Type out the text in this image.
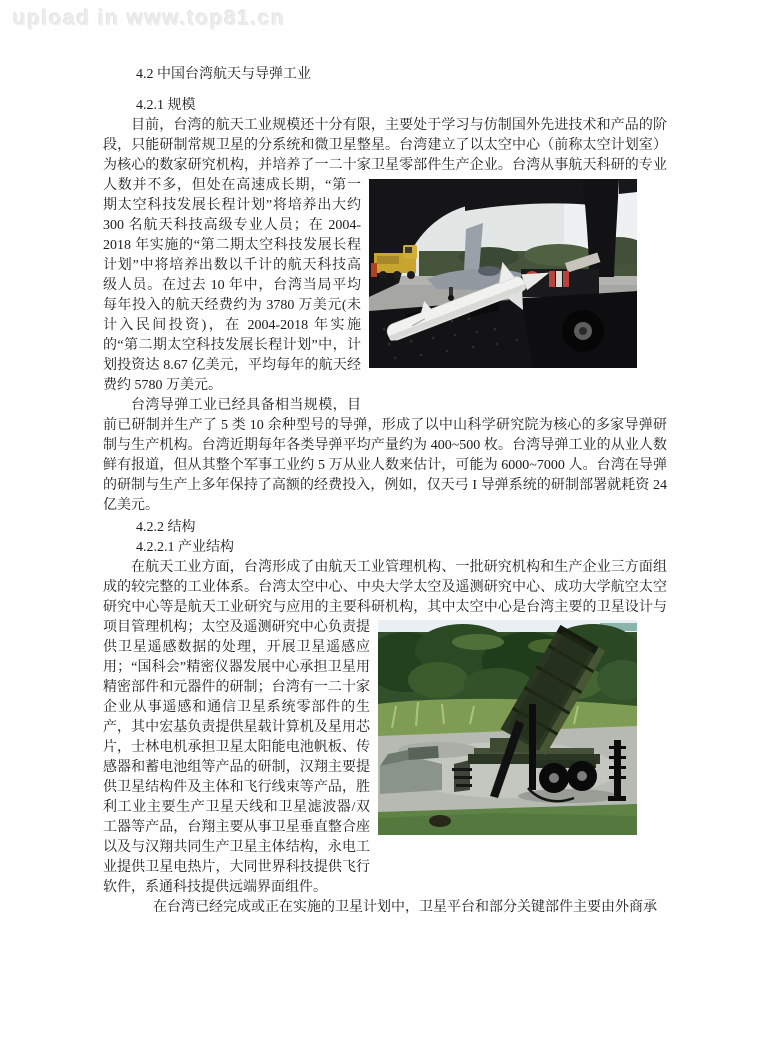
upload in www.top81.cn
4.2 中国台湾航天与导弹工业
4.2.1 规模

目前，台湾的航天工业规模还十分有限，主要处于学习与仿制国外先进技术和产品的阶段，只能研制常规卫星的分系统和微卫星整星。台湾建立了以太空中心（前称太空计划室）为核心的数家研究机构，并培养了一二十家卫星零部件生产企业。台湾从事航天科研的专业
人数并不多，但处在高速成长期，“第一期太空科技发展长程计划”将培养出大约 300 名航天科技高级专业人员；在 2004-2018 年实施的“第二期太空科技发展长程计划”中将培养出数以千计的航天科技高级人员。在过去 10 年中，台湾当局平均每年投入的航天经费约为 3780 万美元(未计入民间投资)，在 2004-2018 年实施的“第二期太空科技发展长程计划”中，计划投资达 8.67 亿美元，平均每年的航天经费约 5780 万美元。

台湾导弹工业已经具备相当规模，目前已研制并生产了 5 类 10 余种型号的导弹，形成了以中山科学研究院为核心的多家导弹研制与生产机构。台湾近期每年各类导弹平均产量约为 400~500 枚。台湾导弹工业的从业人数鲜有报道，但从其整个军事工业约 5 万从业人数来估计，可能为 6000~7000 人。台湾在导弹的研制与生产上多年保持了高额的经费投入，例如，仅天弓 I 导弹系统的研制部署就耗资 24 亿美元。

4.2.2 结构
4.2.2.1 产业结构

在航天工业方面，台湾形成了由航天工业管理机构、一批研究机构和生产企业三方面组成的较完整的工业体系。台湾太空中心、中央大学太空及遥测研究中心、成功大学航空太空研究中心等是航天工业研究与应用的主要科研机构，其中太空中心是台湾主要的卫星设计与
项目管理机构；太空及遥测研究中心负责提供卫星遥感数据的处理，开展卫星遥感应用；“国科会”精密仪器发展中心承担卫星用精密部件和元器件的研制；台湾有一二十家企业从事遥感和通信卫星系统零部件的生产，其中宏基负责提供星载计算机及星用芯片，士林电机承担卫星太阳能电池帆板、传感器和蓄电池组等产品的研制，汉翔主要提供卫星结构件及主体和飞行线束等产品，胜利工业主要生产卫星天线和卫星滤波器/双工器等产品，台翔主要从事卫星垂直整合座以及与汉翔共同生产卫星主体结构，永电工业提供卫星电热片，大同世界科技提供飞行软件，系通科技提供远端界面组件。

在台湾已经完成或正在实施的卫星计划中，卫星平台和部分关键部件主要由外商承
